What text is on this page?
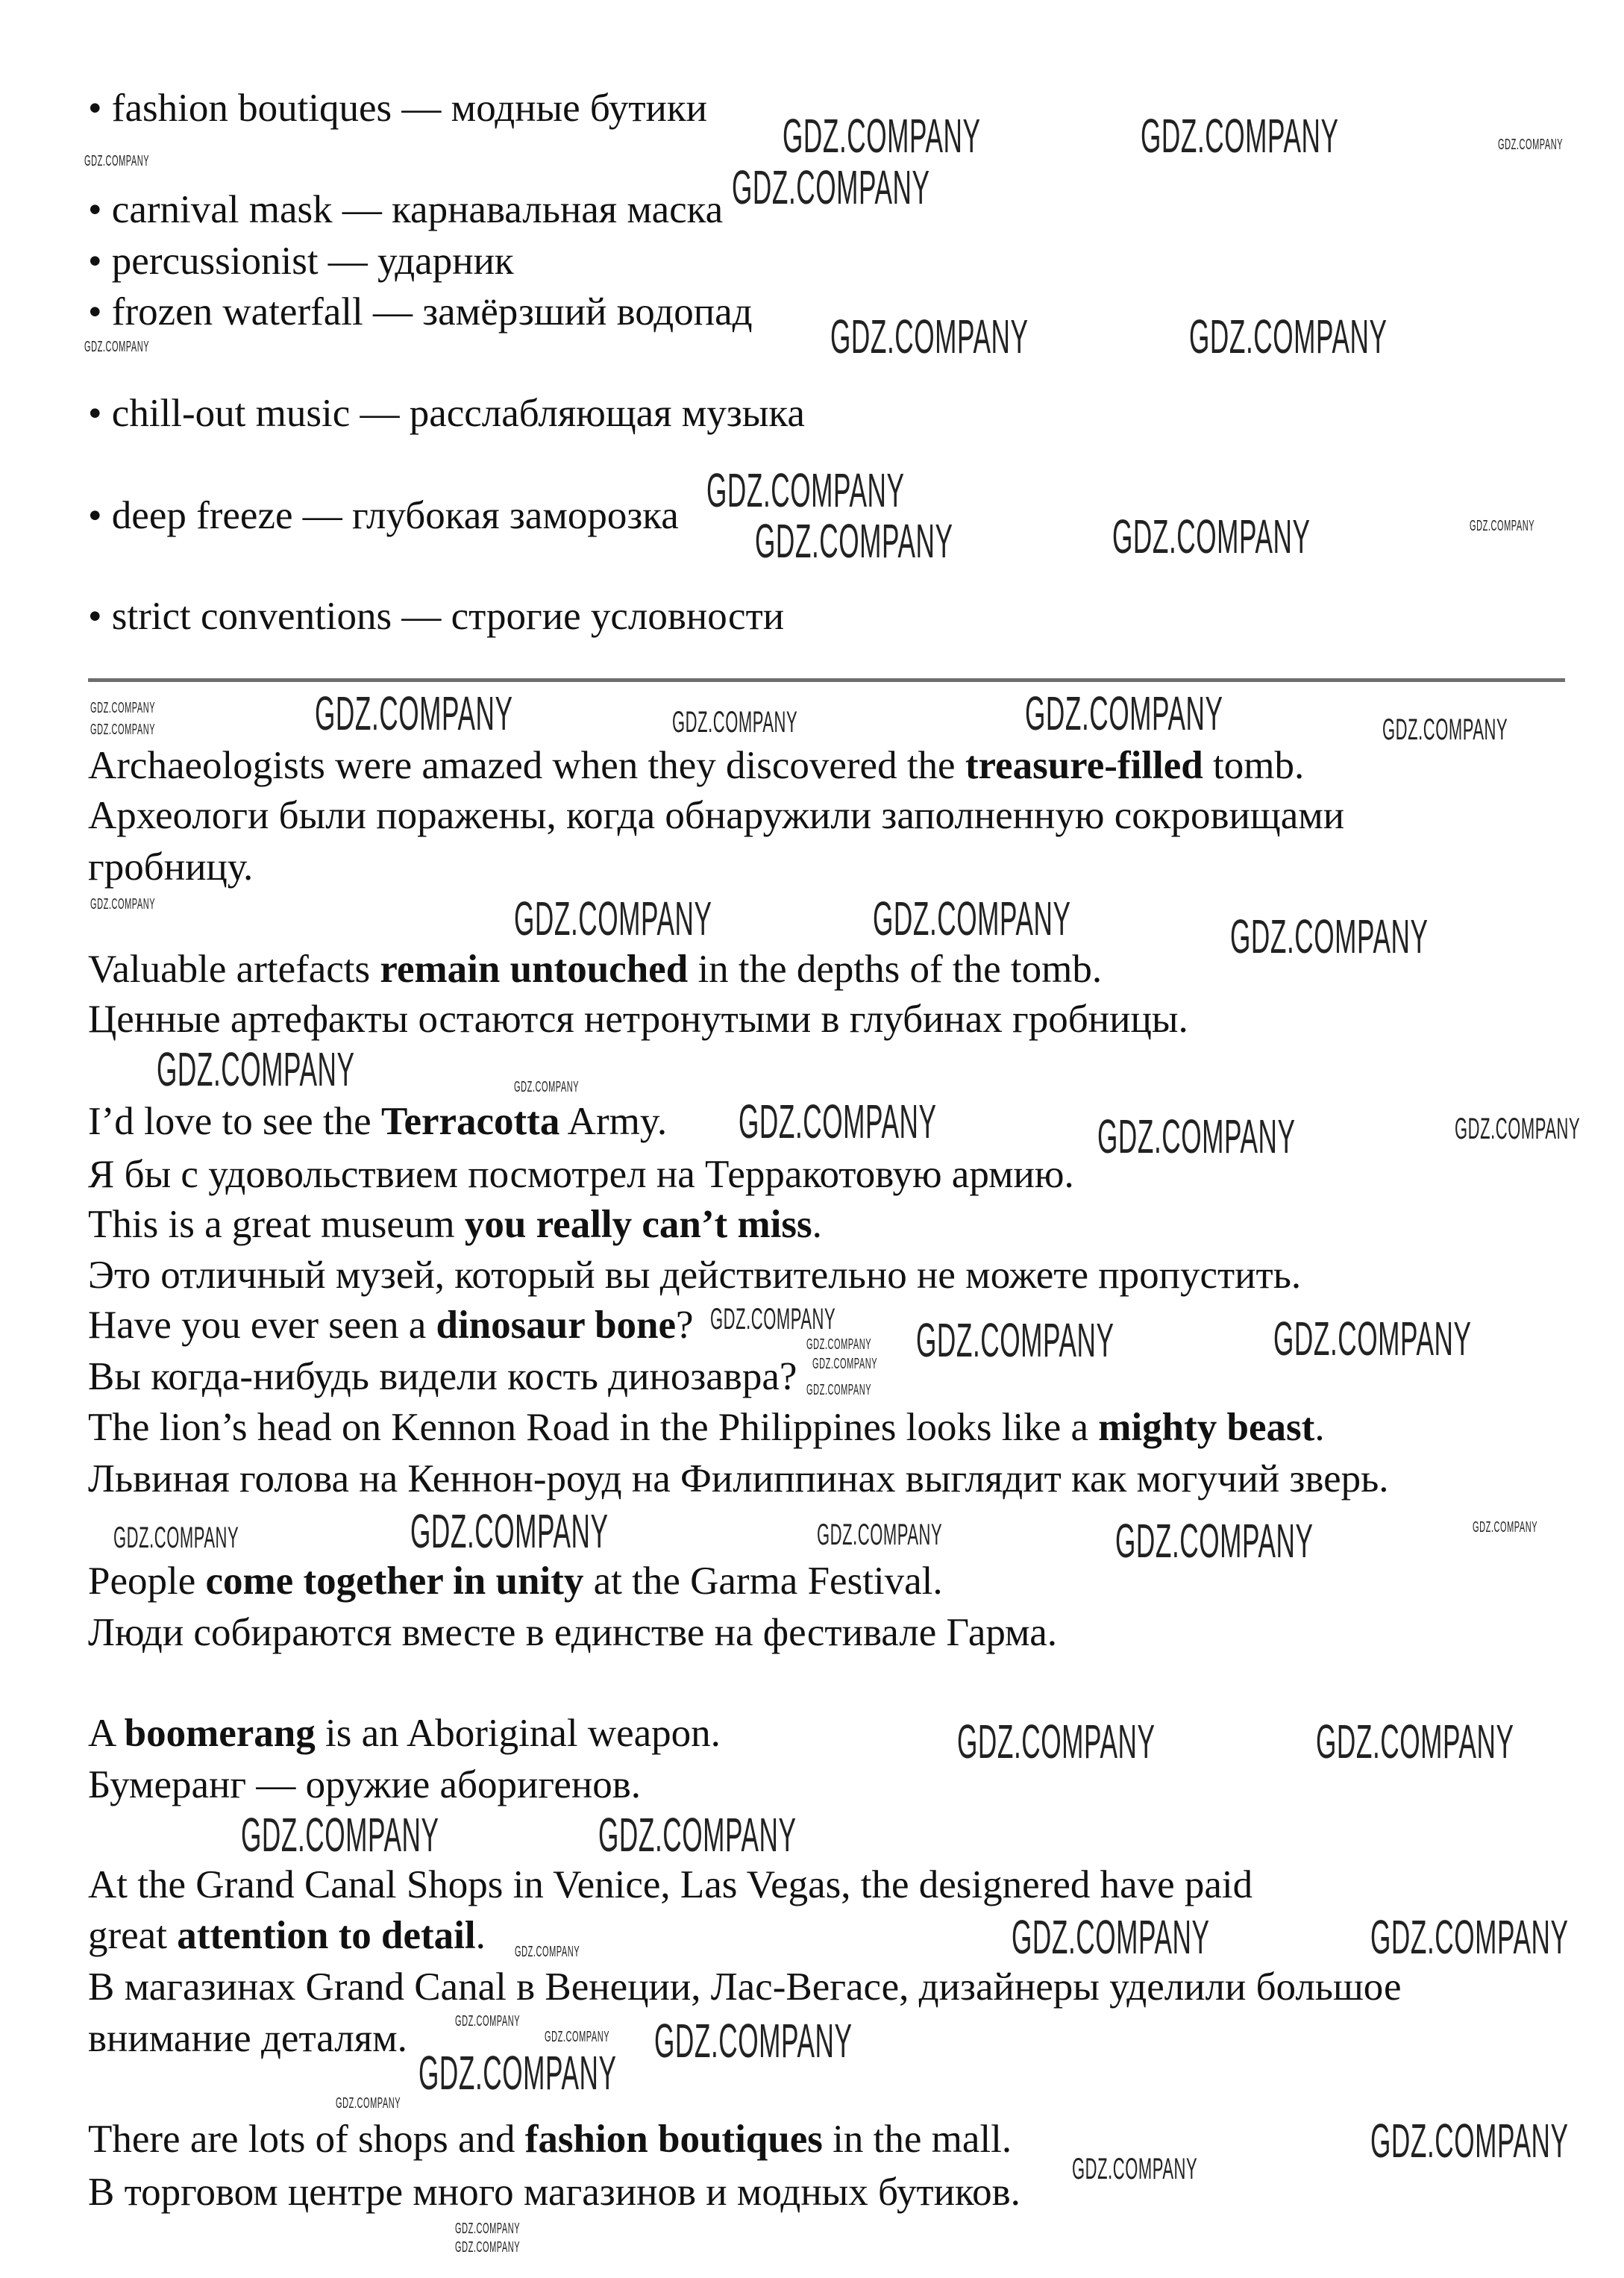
• fashion boutiques — модные бутики
• carnival mask — карнавальная маска
• percussionist — ударник
• frozen waterfall — замёрзший водопад
• chill-out music — расслабляющая музыка
• deep freeze — глубокая заморозка
• strict conventions — строгие условности
Archaeologists were amazed when they discovered the treasure-filled tomb.
Археологи были поражены, когда обнаружили заполненную сокровищами
гробницу.
Valuable artefacts remain untouched in the depths of the tomb.
Ценные артефакты остаются нетронутыми в глубинах гробницы.
I’d love to see the Terracotta Army.
Я бы с удовольствием посмотрел на Терракотовую армию.
This is a great museum you really can’t miss.
Это отличный музей, который вы действительно не можете пропустить.
Have you ever seen a dinosaur bone?
Вы когда-нибудь видели кость динозавра?
The lion’s head on Kennon Road in the Philippines looks like a mighty beast.
Львиная голова на Кеннон-роуд на Филиппинах выглядит как могучий зверь.
People come together in unity at the Garma Festival.
Люди собираются вместе в единстве на фестивале Гарма.
A boomerang is an Aboriginal weapon.
Бумеранг — оружие аборигенов.
At the Grand Canal Shops in Venice, Las Vegas, the designered have paid
great attention to detail.
В магазинах Grand Canal в Венеции, Лас-Вегасе, дизайнеры уделили большое
внимание деталям.
There are lots of shops and fashion boutiques in the mall.
В торговом центре много магазинов и модных бутиков.
GDZ.COMPANY	GDZ.COMPANY
GDZ.COMPANY
GDZ.COMPANY	GDZ.COMPANY
GDZ.COMPANY
GDZ.COMPANY	GDZ.COMPANY
GDZ.COMPANY	GDZ.COMPANY
GDZ.COMPANY	GDZ.COMPANY	GDZ.COMPANY
GDZ.COMPANY
GDZ.COMPANY	GDZ.COMPANY
GDZ.COMPANY	GDZ.COMPANY
GDZ.COMPANY	GDZ.COMPANY
GDZ.COMPANY	GDZ.COMPANY
GDZ.COMPANY	GDZ.COMPANY
GDZ.COMPANY	GDZ.COMPANY
GDZ.COMPANY
GDZ.COMPANY
GDZ.COMPANY
GDZ.COMPANY	GDZ.COMPANY
GDZ.COMPANY
GDZ.COMPANY
GDZ.COMPANY
GDZ.COMPANY
GDZ.COMPANY
GDZ.COMPANY
GDZ.COMPANY
GDZ.COMPANY
GDZ.COMPANY
GDZ.COMPANY
GDZ.COMPANY
GDZ.COMPANY
GDZ.COMPANY
GDZ.COMPANY
GDZ.COMPANY
GDZ.COMPANY
GDZ.COMPANY
GDZ.COMPANY
GDZ.COMPANY
GDZ.COMPANY
GDZ.COMPANY
GDZ.COMPANY
GDZ.COMPANY
